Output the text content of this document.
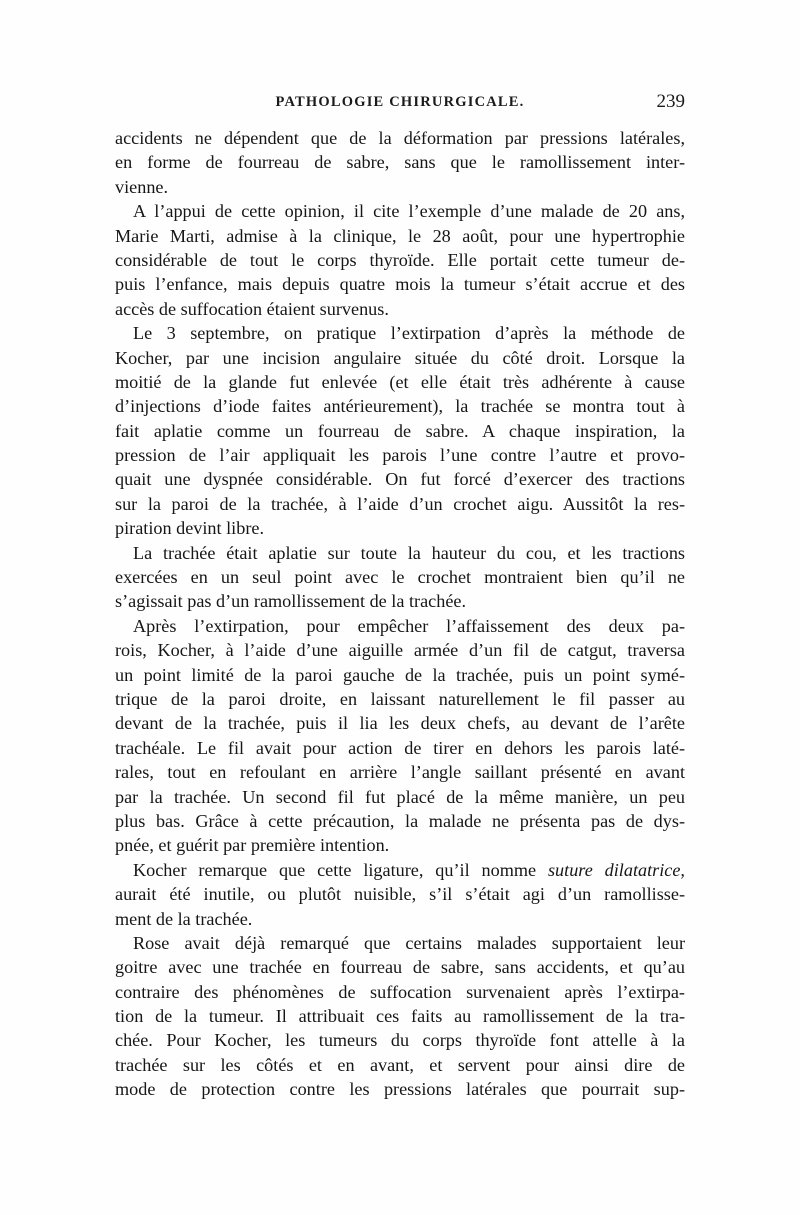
PATHOLOGIE CHIRURGICALE.	239
accidents ne dépendent que de la déformation par pressions latérales,
en forme de fourreau de sabre, sans que le ramollissement inter-
vienne.
A l’appui de cette opinion, il cite l’exemple d’une malade de 20 ans,
Marie Marti, admise à la clinique, le 28 août, pour une hypertrophie
considérable de tout le corps thyroïde. Elle portait cette tumeur de-
puis l’enfance, mais depuis quatre mois la tumeur s’était accrue et des
accès de suffocation étaient survenus.
Le 3 septembre, on pratique l’extirpation d’après la méthode de
Kocher, par une incision angulaire située du côté droit. Lorsque la
moitié de la glande fut enlevée (et elle était très adhérente à cause
d’injections d’iode faites antérieurement), la trachée se montra tout à
fait aplatie comme un fourreau de sabre. A chaque inspiration, la
pression de l’air appliquait les parois l’une contre l’autre et provo-
quait une dyspnée considérable. On fut forcé d’exercer des tractions
sur la paroi de la trachée, à l’aide d’un crochet aigu. Aussitôt la res-
piration devint libre.
La trachée était aplatie sur toute la hauteur du cou, et les tractions
exercées en un seul point avec le crochet montraient bien qu’il ne
s’agissait pas d’un ramollissement de la trachée.
Après l’extirpation, pour empêcher l’affaissement des deux pa-
rois, Kocher, à l’aide d’une aiguille armée d’un fil de catgut, traversa
un point limité de la paroi gauche de la trachée, puis un point symé-
trique de la paroi droite, en laissant naturellement le fil passer au
devant de la trachée, puis il lia les deux chefs, au devant de l’arête
trachéale. Le fil avait pour action de tirer en dehors les parois laté-
rales, tout en refoulant en arrière l’angle saillant présenté en avant
par la trachée. Un second fil fut placé de la même manière, un peu
plus bas. Grâce à cette précaution, la malade ne présenta pas de dys-
pnée, et guérit par première intention.
Kocher remarque que cette ligature, qu’il nomme suture dilatatrice,
aurait été inutile, ou plutôt nuisible, s’il s’était agi d’un ramollisse-
ment de la trachée.
Rose avait déjà remarqué que certains malades supportaient leur
goitre avec une trachée en fourreau de sabre, sans accidents, et qu’au
contraire des phénomènes de suffocation survenaient après l’extirpa-
tion de la tumeur. Il attribuait ces faits au ramollissement de la tra-
chée. Pour Kocher, les tumeurs du corps thyroïde font attelle à la
trachée sur les côtés et en avant, et servent pour ainsi dire de
mode de protection contre les pressions latérales que pourrait sup-
